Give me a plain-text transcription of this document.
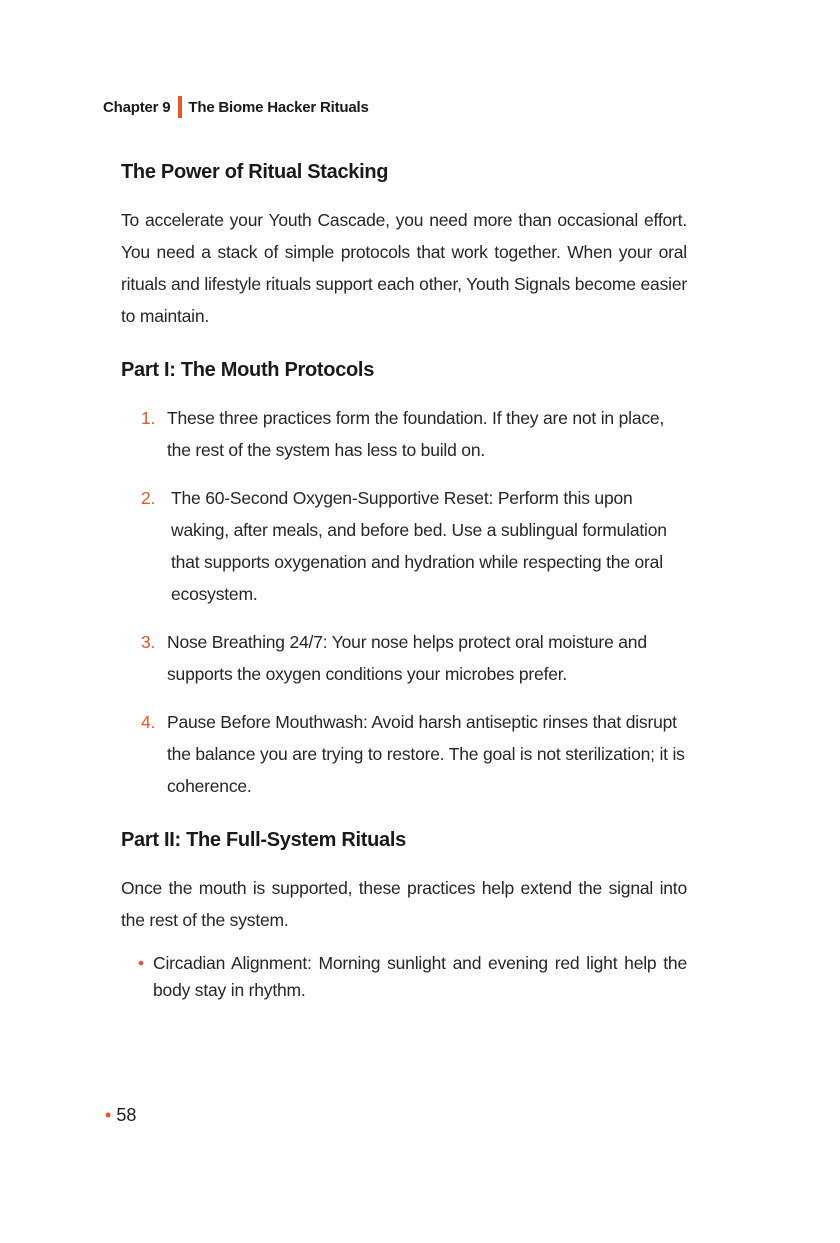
Chapter 9 The Biome Hacker Rituals
The Power of Ritual Stacking

To accelerate your Youth Cascade, you need more than occasional effort. You need a stack of simple protocols that work together. When your oral rituals and lifestyle rituals support each other, Youth Signals become easier to maintain.

Part I: The Mouth Protocols
1. These three practices form the foundation. If they are not in place, the rest of the system has less to build on.
2. The 60-Second Oxygen-Supportive Reset: Perform this upon waking, after meals, and before bed. Use a sublingual formulation that supports oxygenation and hydration while respecting the oral ecosystem.
3. Nose Breathing 24/7: Your nose helps protect oral moisture and supports the oxygen conditions your microbes prefer.
4. Pause Before Mouthwash: Avoid harsh antiseptic rinses that disrupt the balance you are trying to restore. The goal is not sterilization; it is coherence.
Part II: The Full-System Rituals

Once the mouth is supported, these practices help extend the signal into the rest of the system.

• Circadian Alignment: Morning sunlight and evening red light help the body stay in rhythm.
• 58
